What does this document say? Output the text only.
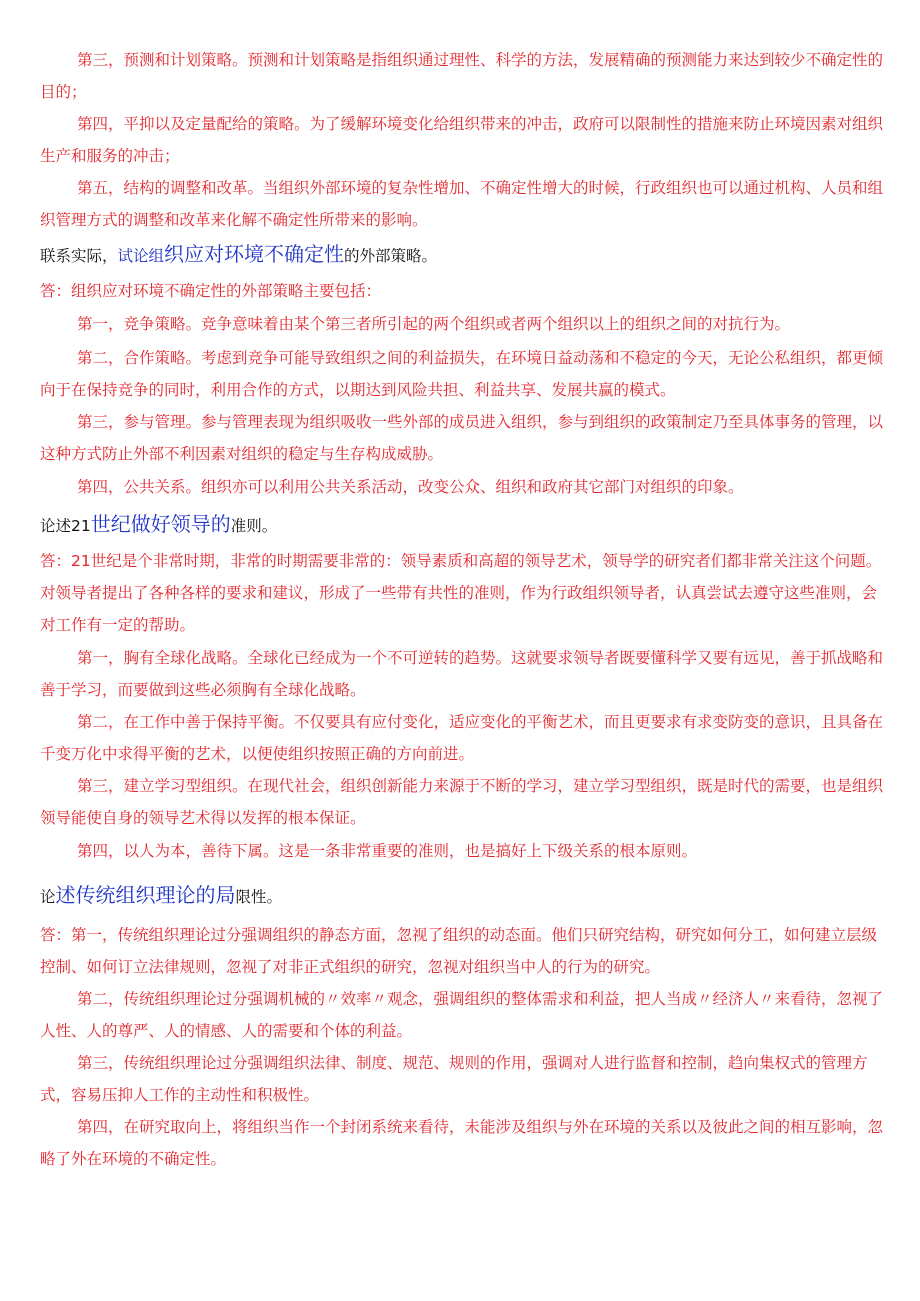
第三，预测和计划策略。预测和计划策略是指组织通过理性、科学的方法，发展精确的预测能力来达到较少不确定性的目的；

第四，平抑以及定量配给的策略。为了缓解环境变化给组织带来的冲击，政府可以限制性的措施来防止环境因素对组织生产和服务的冲击；

第五，结构的调整和改革。当组织外部环境的复杂性增加、不确定性增大的时候，行政组织也可以通过机构、人员和组织管理方式的调整和改革来化解不确定性所带来的影响。

联系实际，试论组织应对环境不确定性的外部策略。

答：组织应对环境不确定性的外部策略主要包括：

第一，竞争策略。竞争意味着由某个第三者所引起的两个组织或者两个组织以上的组织之间的对抗行为。

第二，合作策略。考虑到竞争可能导致组织之间的利益损失，在环境日益动荡和不稳定的今天，无论公私组织，都更倾向于在保持竞争的同时，利用合作的方式，以期达到风险共担、利益共享、发展共赢的模式。

第三，参与管理。参与管理表现为组织吸收一些外部的成员进入组织，参与到组织的政策制定乃至具体事务的管理，以这种方式防止外部不利因素对组织的稳定与生存构成威胁。

第四，公共关系。组织亦可以利用公共关系活动，改变公众、组织和政府其它部门对组织的印象。

论述21世纪做好领导的准则。

答：21世纪是个非常时期，非常的时期需要非常的：领导素质和高超的领导艺术，领导学的研究者们都非常关注这个问题。对领导者提出了各种各样的要求和建议，形成了一些带有共性的准则，作为行政组织领导者，认真尝试去遵守这些准则，会对工作有一定的帮助。

第一，胸有全球化战略。全球化已经成为一个不可逆转的趋势。这就要求领导者既要懂科学又要有远见，善于抓战略和善于学习，而要做到这些必须胸有全球化战略。

第二，在工作中善于保持平衡。不仅要具有应付变化，适应变化的平衡艺术，而且更要求有求变防变的意识，且具备在千变万化中求得平衡的艺术，以便使组织按照正确的方向前进。

第三，建立学习型组织。在现代社会，组织创新能力来源于不断的学习，建立学习型组织，既是时代的需要，也是组织领导能使自身的领导艺术得以发挥的根本保证。

第四，以人为本，善待下属。这是一条非常重要的准则，也是搞好上下级关系的根本原则。

论述传统组织理论的局限性。

答：第一，传统组织理论过分强调组织的静态方面，忽视了组织的动态面。他们只研究结构，研究如何分工，如何建立层级控制、如何订立法律规则，忽视了对非正式组织的研究，忽视对组织当中人的行为的研究。

第二，传统组织理论过分强调机械的〃效率〃观念，强调组织的整体需求和利益，把人当成〃经济人〃来看待，忽视了人性、人的尊严、人的情感、人的需要和个体的利益。

第三，传统组织理论过分强调组织法律、制度、规范、规则的作用，强调对人进行监督和控制，趋向集权式的管理方式，容易压抑人工作的主动性和积极性。

第四，在研究取向上，将组织当作一个封闭系统来看待，未能涉及组织与外在环境的关系以及彼此之间的相互影响，忽略了外在环境的不确定性。
